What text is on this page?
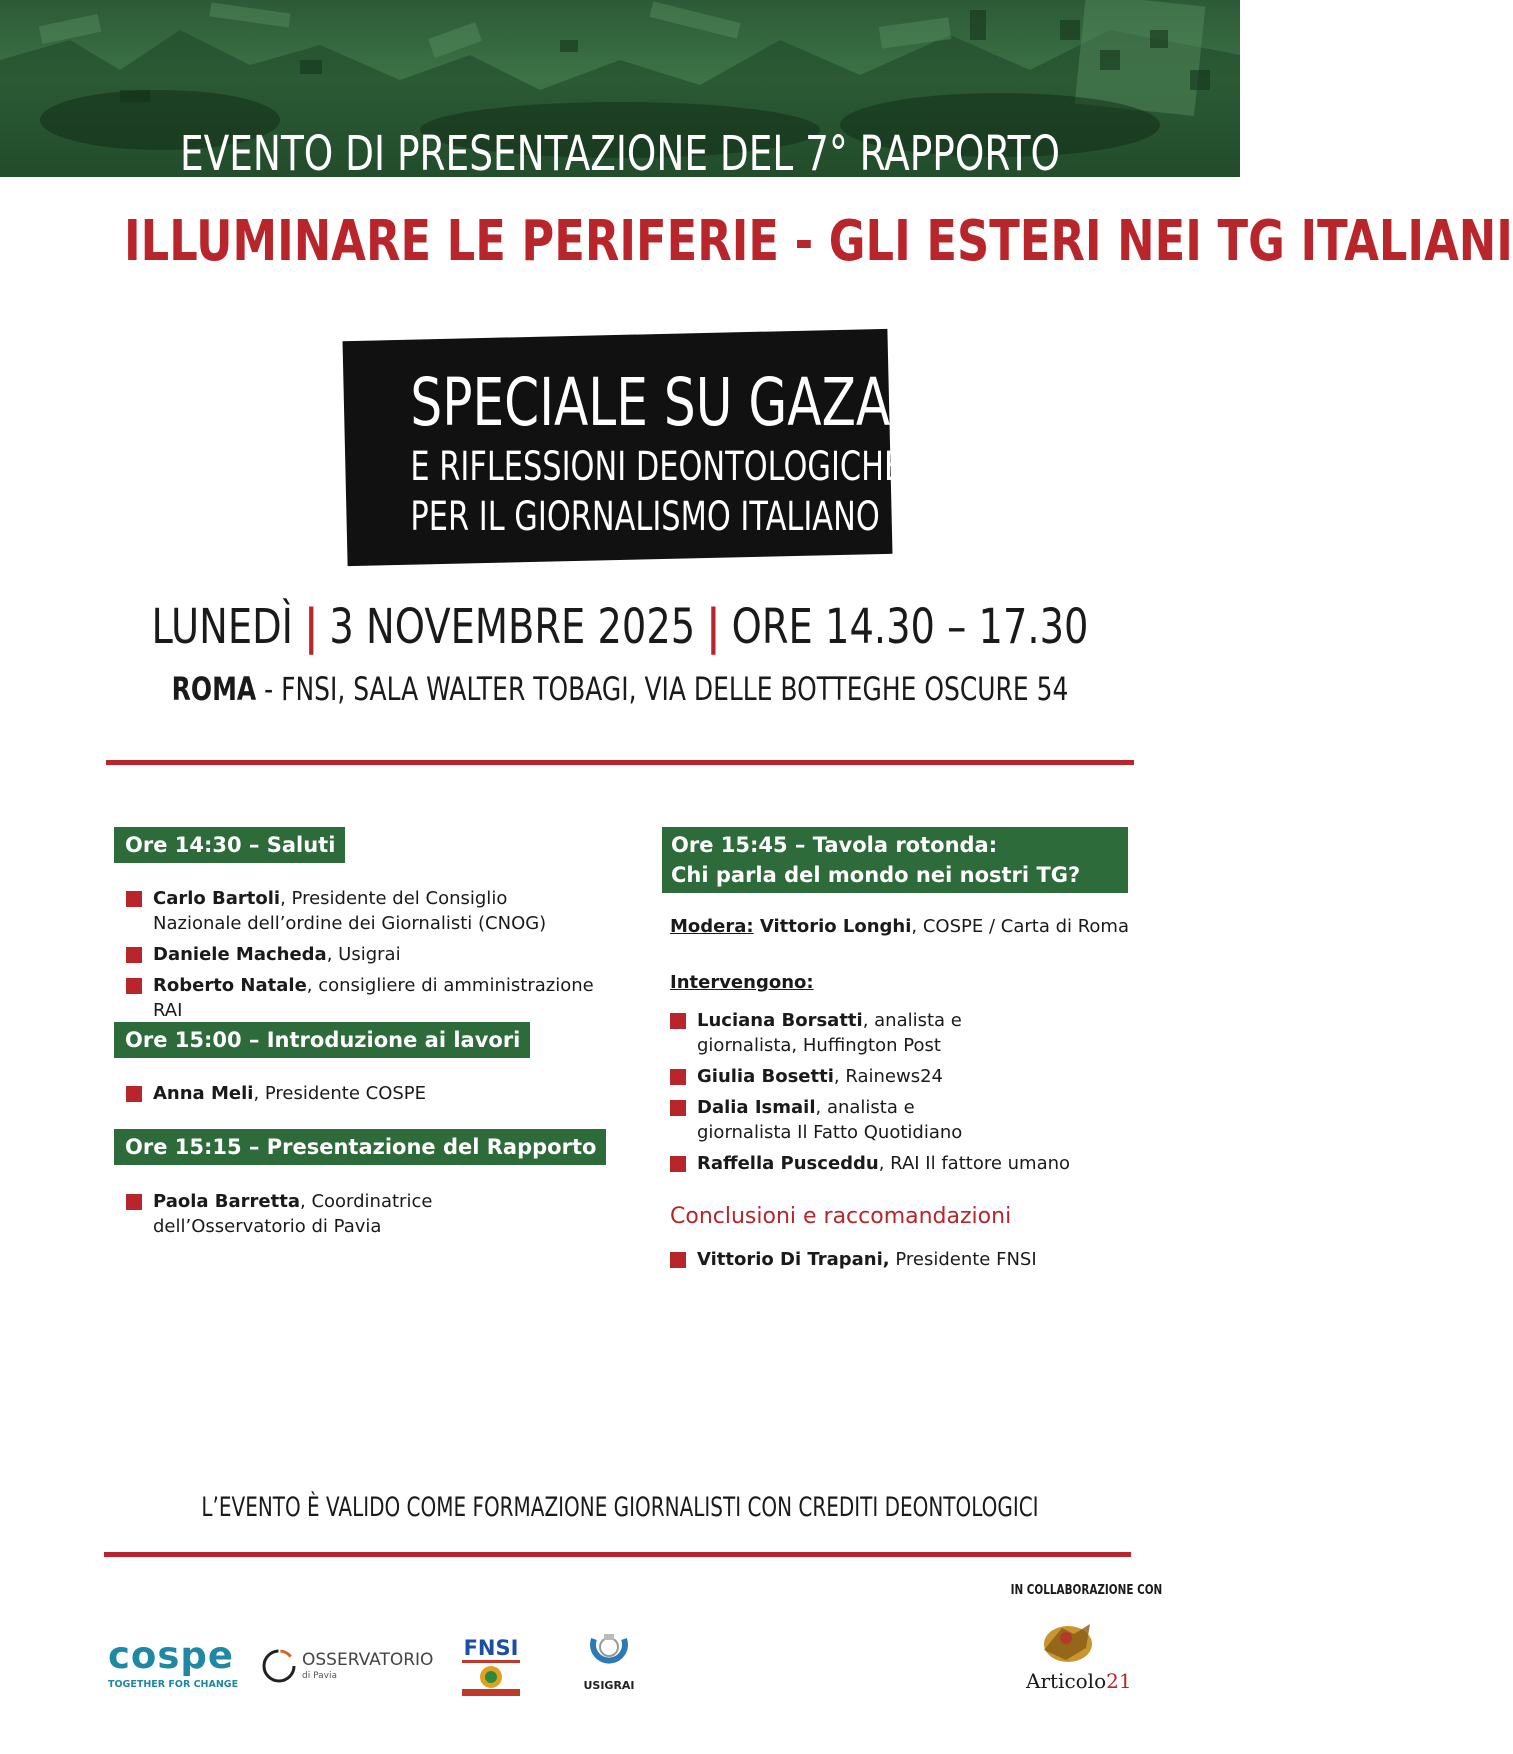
EVENTO DI PRESENTAZIONE DEL 7° RAPPORTO
ILLUMINARE LE PERIFERIE - GLI ESTERI NEI TG ITALIANI
SPECIALE SU GAZA
E RIFLESSIONI DEONTOLOGICHE
PER IL GIORNALISMO ITALIANO
LUNEDÌ | 3 NOVEMBRE 2025 | ORE 14.30 – 17.30
ROMA - FNSI, SALA WALTER TOBAGI, VIA DELLE BOTTEGHE OSCURE 54
Ore 14:30 – Saluti
Carlo Bartoli, Presidente del Consiglio Nazionale dell’ordine dei Giornalisti (CNOG)
Daniele Macheda, Usigrai
Roberto Natale, consigliere di amministrazione RAI
Ore 15:00 – Introduzione ai lavori
Anna Meli, Presidente COSPE
Ore 15:15 – Presentazione del Rapporto
Paola Barretta, Coordinatrice dell’Osservatorio di Pavia
Ore 15:45 – Tavola rotonda:
Chi parla del mondo nei nostri TG?
Modera: Vittorio Longhi, COSPE / Carta di Roma
Intervengono:
Luciana Borsatti, analista e giornalista, Huffington Post
Giulia Bosetti, Rainews24
Dalia Ismail, analista e giornalista Il Fatto Quotidiano
Raffella Pusceddu, RAI Il fattore umano
Conclusioni e raccomandazioni
Vittorio Di Trapani, Presidente FNSI
L’EVENTO È VALIDO COME FORMAZIONE GIORNALISTI CON CREDITI DEONTOLOGICI
IN COLLABORAZIONE CON
cospe
TOGETHER FOR CHANGE
OSSERVATORIO
di Pavia
FNSI
USIGRAI	Articolo21
